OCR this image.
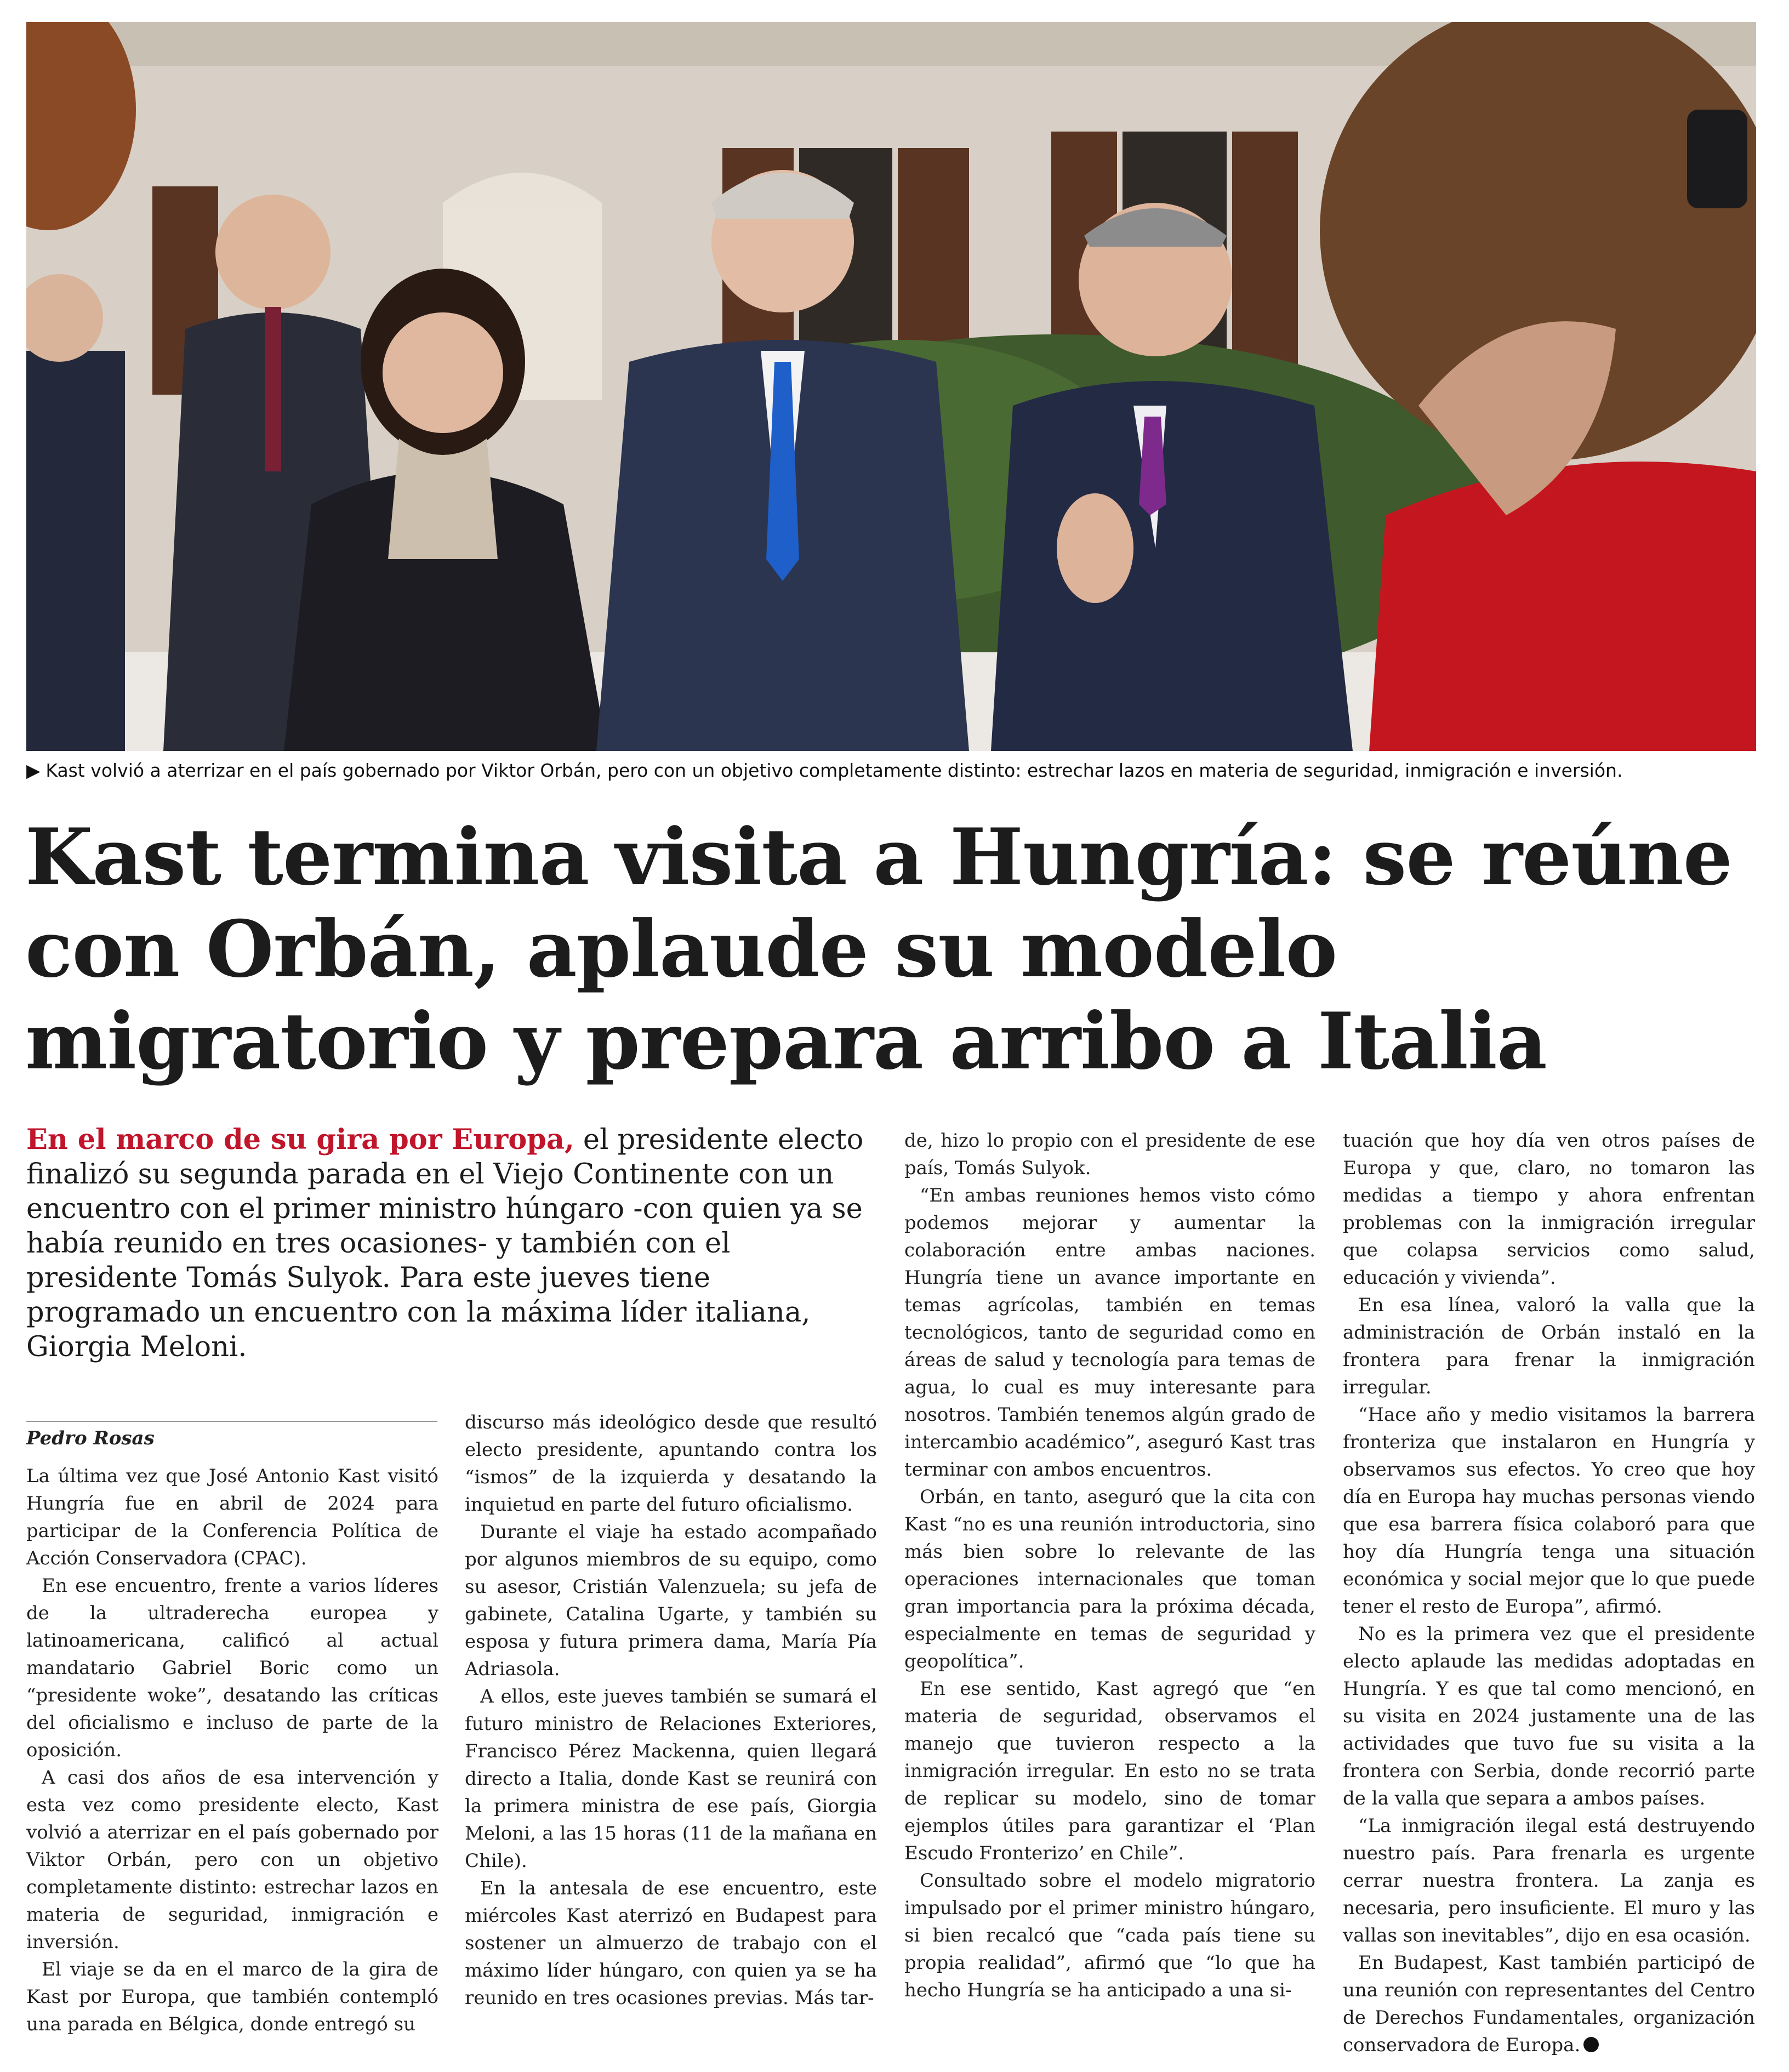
▶ Kast volvió a aterrizar en el país gobernado por Viktor Orbán, pero con un objetivo completamente distinto: estrechar lazos en materia de seguridad, inmigración e inversión.
Kast termina visita a Hungría: se reúne con Orbán, aplaude su modelo migratorio y prepara arribo a Italia

En el marco de su gira por Europa, el presidente electo finalizó su segunda parada en el Viejo Continente con un encuentro con el primer ministro húngaro -con quien ya se había reunido en tres ocasiones- y también con el presidente Tomás Sulyok. Para este jueves tiene programado un encuentro con la máxima líder italiana, Giorgia Meloni.

Pedro Rosas

La última vez que José Antonio Kast visitó Hungría fue en abril de 2024 para participar de la Conferencia Política de Acción Conservadora (CPAC).

En ese encuentro, frente a varios líderes de la ultraderecha europea y latinoamericana, calificó al actual mandatario Gabriel Boric como un “presidente woke”, desatando las críticas del oficialismo e incluso de parte de la oposición.

A casi dos años de esa intervención y esta vez como presidente electo, Kast volvió a aterrizar en el país gobernado por Viktor Orbán, pero con un objetivo completamente distinto: estrechar lazos en materia de seguridad, inmigración e inversión.

El viaje se da en el marco de la gira de Kast por Europa, que también contempló una parada en Bélgica, donde entregó su

discurso más ideológico desde que resultó electo presidente, apuntando contra los “ismos” de la izquierda y desatando la inquietud en parte del futuro oficialismo.

Durante el viaje ha estado acompañado por algunos miembros de su equipo, como su asesor, Cristián Valenzuela; su jefa de gabinete, Catalina Ugarte, y también su esposa y futura primera dama, María Pía Adriasola.

A ellos, este jueves también se sumará el futuro ministro de Relaciones Exteriores, Francisco Pérez Mackenna, quien llegará directo a Italia, donde Kast se reunirá con la primera ministra de ese país, Giorgia Meloni, a las 15 horas (11 de la mañana en Chile).

En la antesala de ese encuentro, este miércoles Kast aterrizó en Budapest para sostener un almuerzo de trabajo con el máximo líder húngaro, con quien ya se ha reunido en tres ocasiones previas. Más tar-

de, hizo lo propio con el presidente de ese país, Tomás Sulyok.

“En ambas reuniones hemos visto cómo podemos mejorar y aumentar la colaboración entre ambas naciones. Hungría tiene un avance importante en temas agrícolas, también en temas tecnológicos, tanto de seguridad como en áreas de salud y tecnología para temas de agua, lo cual es muy interesante para nosotros. También tenemos algún grado de intercambio académico”, aseguró Kast tras terminar con ambos encuentros.

Orbán, en tanto, aseguró que la cita con Kast “no es una reunión introductoria, sino más bien sobre lo relevante de las operaciones internacionales que toman gran importancia para la próxima década, especialmente en temas de seguridad y geopolítica”.

En ese sentido, Kast agregó que “en materia de seguridad, observamos el manejo que tuvieron respecto a la inmigración irregular. En esto no se trata de replicar su modelo, sino de tomar ejemplos útiles para garantizar el ‘Plan Escudo Fronterizo’ en Chile”.

Consultado sobre el modelo migratorio impulsado por el primer ministro húngaro, si bien recalcó que “cada país tiene su propia realidad”, afirmó que “lo que ha hecho Hungría se ha anticipado a una si-

tuación que hoy día ven otros países de Europa y que, claro, no tomaron las medidas a tiempo y ahora enfrentan problemas con la inmigración irregular que colapsa servicios como salud, educación y vivienda”.

En esa línea, valoró la valla que la administración de Orbán instaló en la frontera para frenar la inmigración irregular.

“Hace año y medio visitamos la barrera fronteriza que instalaron en Hungría y observamos sus efectos. Yo creo que hoy día en Europa hay muchas personas viendo que esa barrera física colaboró para que hoy día Hungría tenga una situación económica y social mejor que lo que puede tener el resto de Europa”, afirmó.

No es la primera vez que el presidente electo aplaude las medidas adoptadas en Hungría. Y es que tal como mencionó, en su visita en 2024 justamente una de las actividades que tuvo fue su visita a la frontera con Serbia, donde recorrió parte de la valla que separa a ambos países.

“La inmigración ilegal está destruyendo nuestro país. Para frenarla es urgente cerrar nuestra frontera. La zanja es necesaria, pero insuficiente. El muro y las vallas son inevitables”, dijo en esa ocasión.

En Budapest, Kast también participó de una reunión con representantes del Centro de Derechos Fundamentales, organización conservadora de Europa.
